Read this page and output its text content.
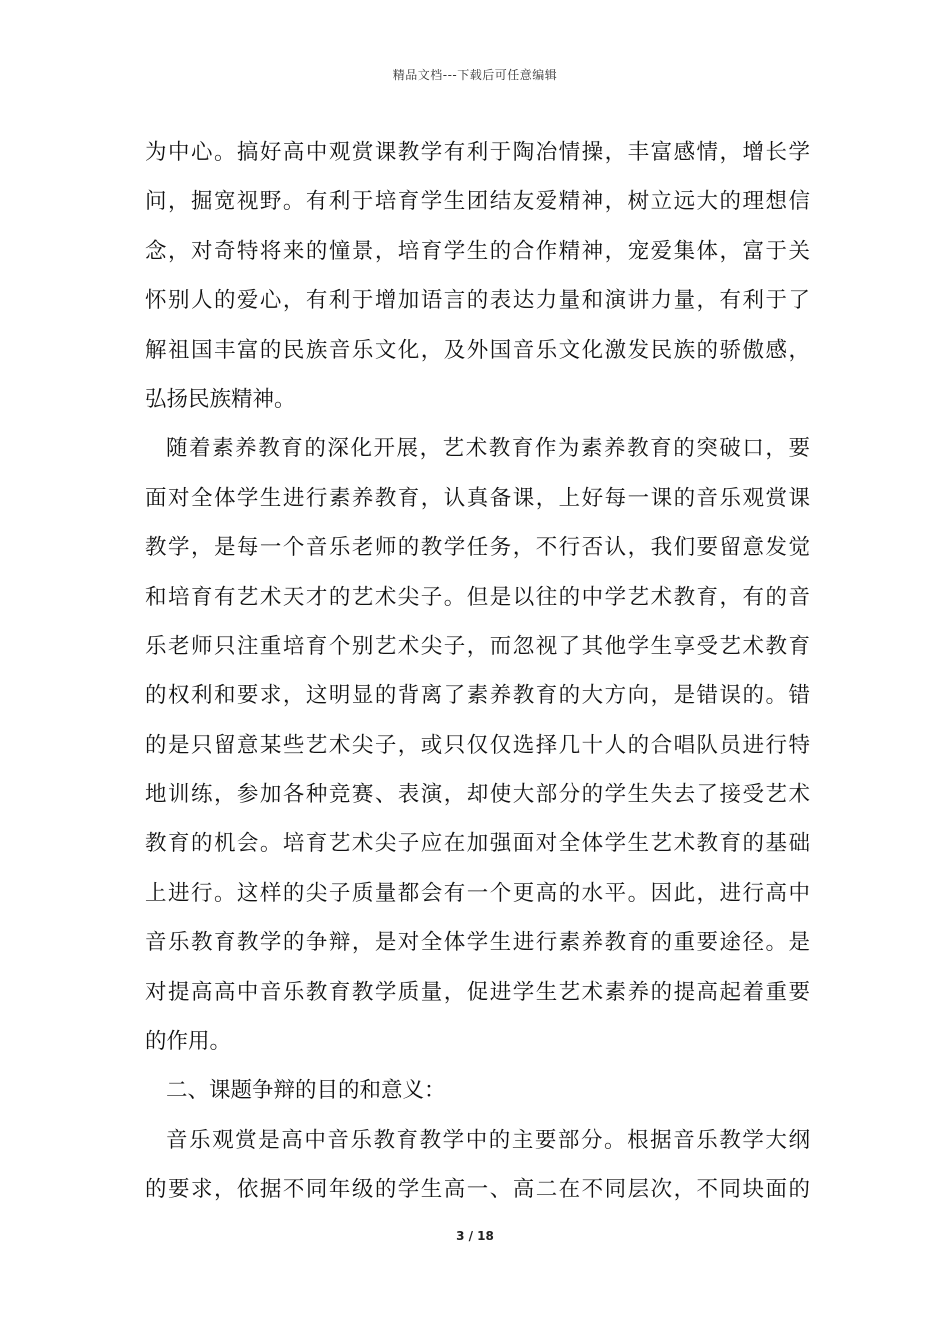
精品文档---下载后可任意编辑
为中心。搞好高中观赏课教学有利于陶冶情操，丰富感情，增长学
问，掘宽视野。有利于培育学生团结友爱精神，树立远大的理想信
念，对奇特将来的憧景，培育学生的合作精神，宠爱集体，富于关
怀别人的爱心，有利于增加语言的表达力量和演讲力量，有利于了
解祖国丰富的民族音乐文化，及外国音乐文化激发民族的骄傲感，
弘扬民族精神。
随着素养教育的深化开展，艺术教育作为素养教育的突破口，要
面对全体学生进行素养教育，认真备课，上好每一课的音乐观赏课
教学，是每一个音乐老师的教学任务，不行否认，我们要留意发觉
和培育有艺术天才的艺术尖子。但是以往的中学艺术教育，有的音
乐老师只注重培育个别艺术尖子，而忽视了其他学生享受艺术教育
的权利和要求，这明显的背离了素养教育的大方向，是错误的。错
的是只留意某些艺术尖子，或只仅仅选择几十人的合唱队员进行特
地训练，参加各种竞赛、表演，却使大部分的学生失去了接受艺术
教育的机会。培育艺术尖子应在加强面对全体学生艺术教育的基础
上进行。这样的尖子质量都会有一个更高的水平。因此，进行高中
音乐教育教学的争辩，是对全体学生进行素养教育的重要途径。是
对提高高中音乐教育教学质量，促进学生艺术素养的提高起着重要
的作用。
二、课题争辩的目的和意义：
音乐观赏是高中音乐教育教学中的主要部分。根据音乐教学大纲
的要求，依据不同年级的学生高一、高二在不同层次，不同块面的
3 / 18
